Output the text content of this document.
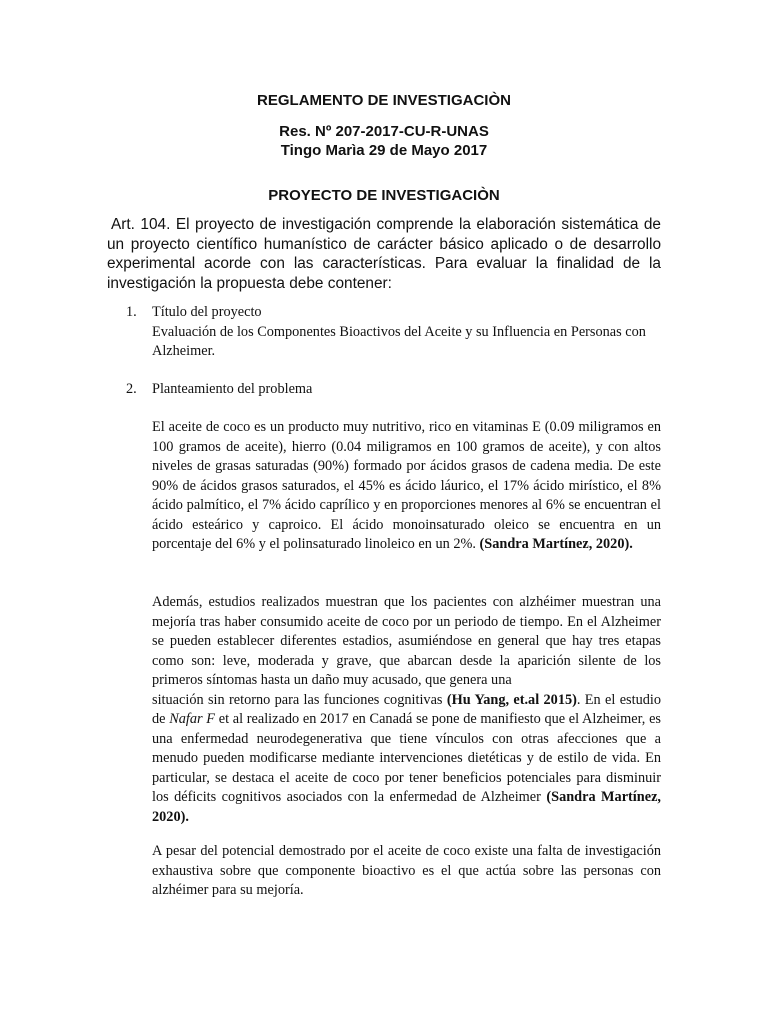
REGLAMENTO DE INVESTIGACIÒN
Res. Nº 207-2017-CU-R-UNAS
Tingo Marìa 29 de Mayo 2017
PROYECTO DE INVESTIGACIÒN
Art. 104. El proyecto de investigación comprende la elaboración sistemática de un proyecto científico humanístico de carácter básico aplicado o de desarrollo experimental acorde con las características. Para evaluar la finalidad de la investigación la propuesta debe contener:
1.	Título del proyecto
Evaluación de los Componentes Bioactivos del Aceite y su Influencia en Personas con Alzheimer.
2.	Planteamiento del problema
El aceite de coco es un producto muy nutritivo, rico en vitaminas E (0.09 miligramos en 100 gramos de aceite), hierro (0.04 miligramos en 100 gramos de aceite), y con altos niveles de grasas saturadas (90%) formado por ácidos grasos de cadena media. De este 90% de ácidos grasos saturados, el 45% es ácido láurico, el 17% ácido mirístico, el 8% ácido palmítico, el 7% ácido caprílico y en proporciones menores al 6% se encuentran el ácido esteárico y caproico. El ácido monoinsaturado oleico se encuentra en un porcentaje del 6% y el polinsaturado linoleico en un 2%. (Sandra Martínez, 2020).
Además, estudios realizados muestran que los pacientes con alzhéimer muestran una mejoría tras haber consumido aceite de coco por un periodo de tiempo. En el Alzheimer se pueden establecer diferentes estadios, asumiéndose en general que hay tres etapas como son: leve, moderada y grave, que abarcan desde la aparición silente de los primeros síntomas hasta un daño muy acusado, que genera una
situación sin retorno para las funciones cognitivas (Hu Yang, et.al 2015). En el estudio de Nafar F et al realizado en 2017 en Canadá se pone de manifiesto que el Alzheimer, es una enfermedad neurodegenerativa que tiene vínculos con otras afecciones que a menudo pueden modificarse mediante intervenciones dietéticas y de estilo de vida. En particular, se destaca el aceite de coco por tener beneficios potenciales para disminuir los déficits cognitivos asociados con la enfermedad de Alzheimer (Sandra Martínez, 2020).
A pesar del potencial demostrado por el aceite de coco existe una falta de investigación exhaustiva sobre que componente bioactivo es el que actúa sobre las personas con alzhéimer para su mejoría.
